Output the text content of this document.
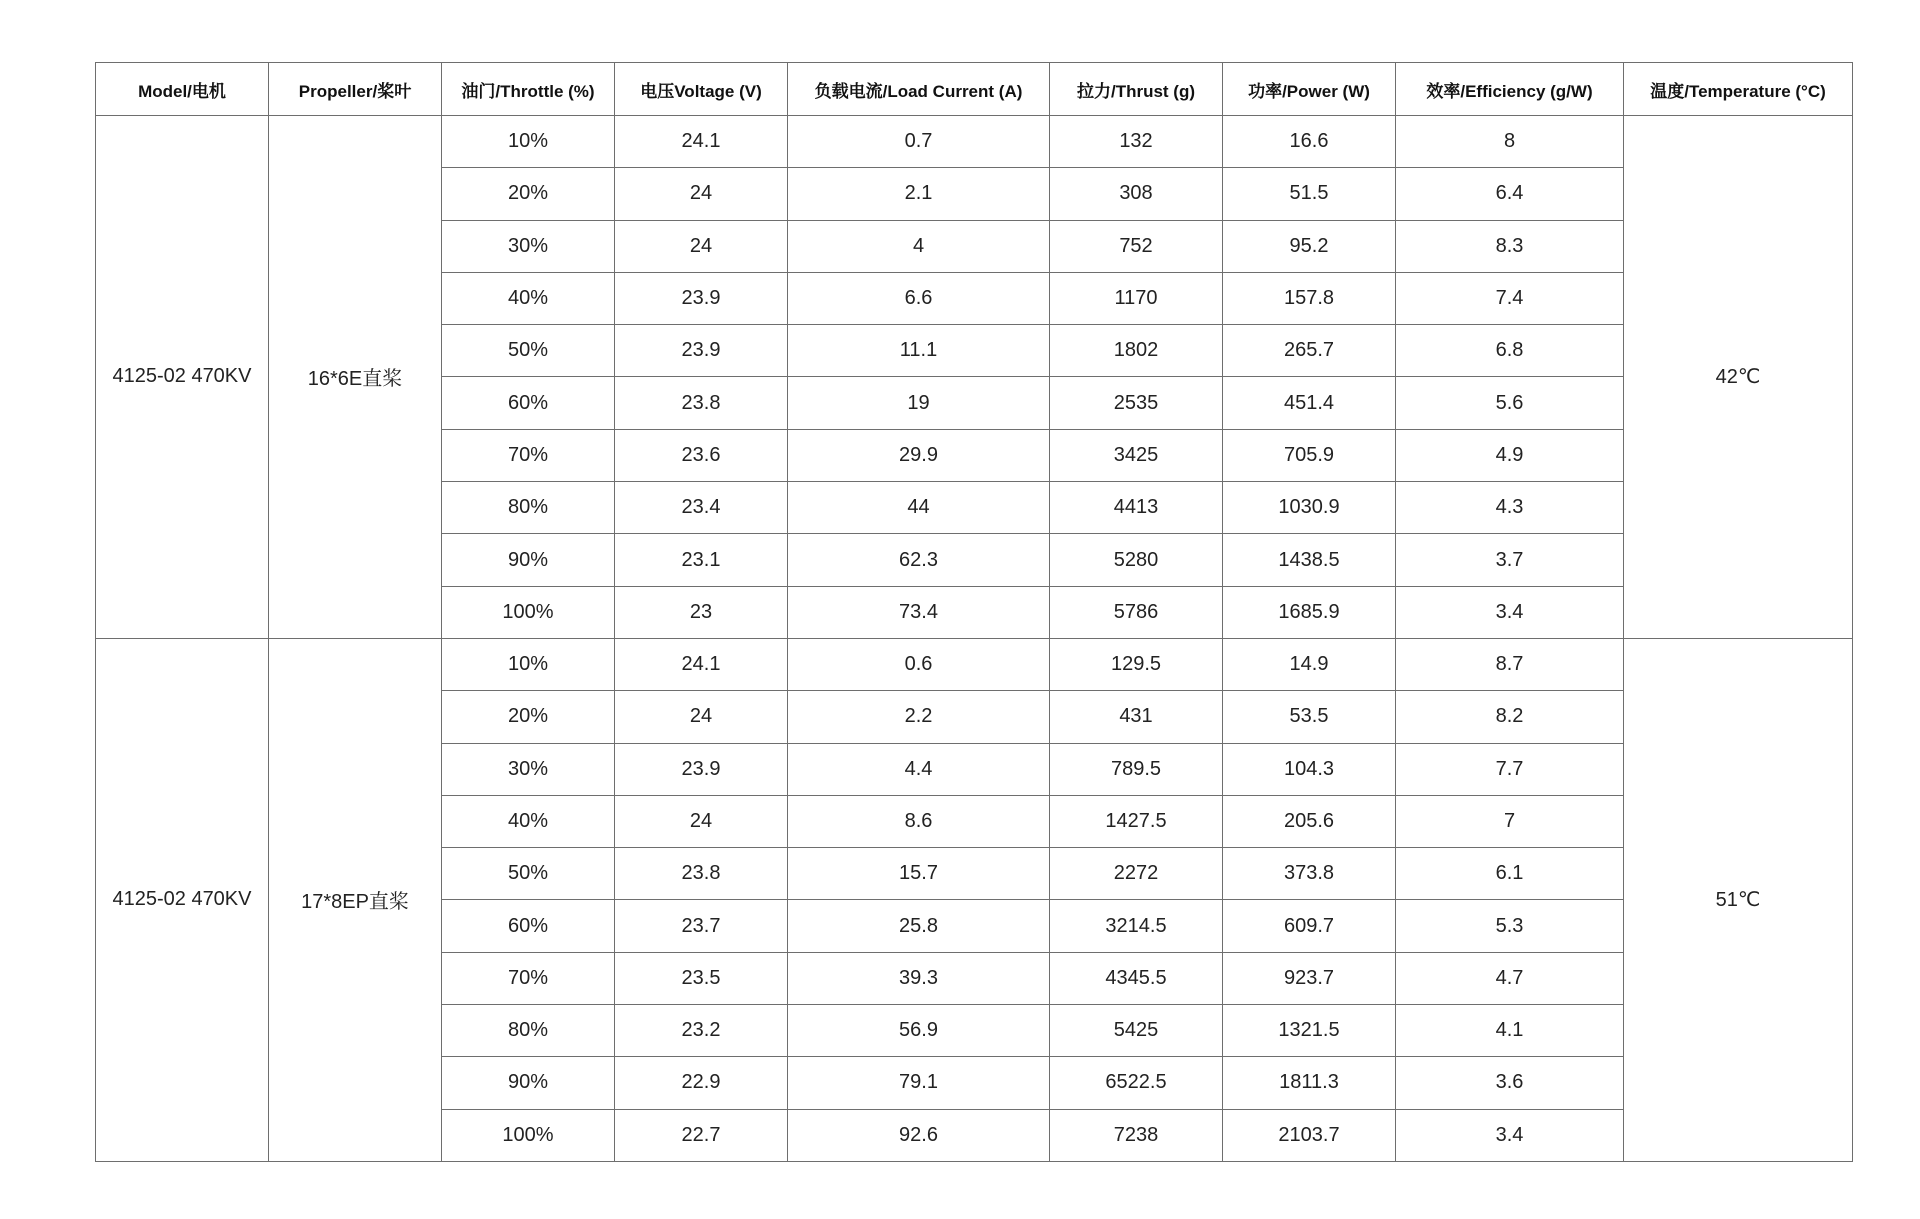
Model/电机	Propeller/桨叶	油门/Throttle (%)	电压Voltage (V)	负载电流/Load Current (A)	拉力/Thrust (g)	功率/Power (W)	效率/Efficiency (g/W)	温度/Temperature (°C)
4125-02 470KV	16*6E直桨	10%	24.1	0.7	132	16.6	8	42℃
		20%	24	2.1	308	51.5	6.4	
		30%	24	4	752	95.2	8.3	
		40%	23.9	6.6	1170	157.8	7.4	
		50%	23.9	11.1	1802	265.7	6.8	
		60%	23.8	19	2535	451.4	5.6	
		70%	23.6	29.9	3425	705.9	4.9	
		80%	23.4	44	4413	1030.9	4.3	
		90%	23.1	62.3	5280	1438.5	3.7	
		100%	23	73.4	5786	1685.9	3.4	
4125-02 470KV	17*8EP直桨	10%	24.1	0.6	129.5	14.9	8.7	51℃
		20%	24	2.2	431	53.5	8.2	
		30%	23.9	4.4	789.5	104.3	7.7	
		40%	24	8.6	1427.5	205.6	7	
		50%	23.8	15.7	2272	373.8	6.1	
		60%	23.7	25.8	3214.5	609.7	5.3	
		70%	23.5	39.3	4345.5	923.7	4.7	
		80%	23.2	56.9	5425	1321.5	4.1	
		90%	22.9	79.1	6522.5	1811.3	3.6	
		100%	22.7	92.6	7238	2103.7	3.4	
